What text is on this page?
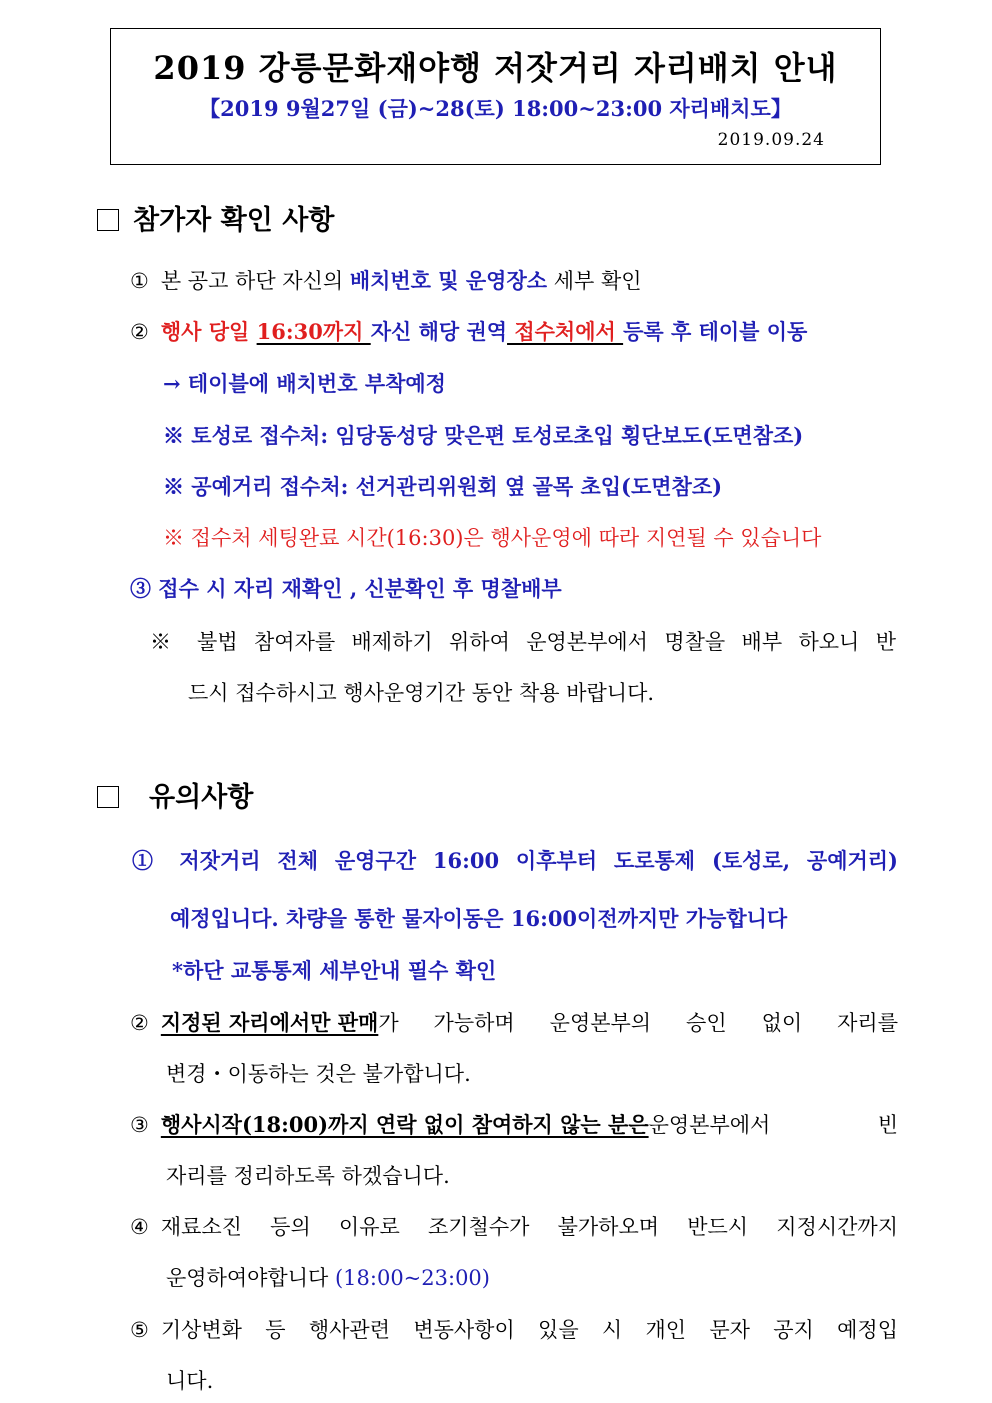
2019 강릉문화재야행 저잣거리 자리배치 안내
【2019 9월27일 (금)~28(토) 18:00~23:00 자리배치도】
2019.09.24
참가자 확인 사항
① 본 공고 하단 자신의 배치번호 및 운영장소 세부 확인
② 행사 당일 16:30까지 자신 해당 권역 접수처에서 등록 후 테이블 이동
→ 테이블에 배치번호 부착예정
※ 토성로 접수처: 임당동성당 맞은편 토성로초입 횡단보도(도면참조)
※ 공예거리 접수처: 선거관리위원회 옆 골목 초입(도면참조)
※ 접수처 세팅완료 시간(16:30)은 행사운영에 따라 지연될 수 있습니다
③ 접수 시 자리 재확인 , 신분확인 후 명찰배부
※ 불법 참여자를 배제하기 위하여 운영본부에서 명찰을 배부 하오니 반
드시 접수하시고 행사운영기간 동안 착용 바랍니다.
유의사항
① 저잣거리 전체 운영구간 16:00 이후부터 도로통제 (토성로, 공예거리)
예정입니다. 차량을 통한 물자이동은 16:00이전까지만 가능합니다
*하단 교통통제 세부안내 필수 확인
② 지정된 자리에서만 판매 가 가능하며 운영본부의 승인 없이 자리를
변경・이동하는 것은 불가합니다.
③ 행사시작(18:00)까지 연락 없이 참여하지 않는 분은 운영본부에서 빈
자리를 정리하도록 하겠습니다.
④ 재료소진 등의 이유로 조기철수가 불가하오며 반드시 지정시간까지
운영하여야합니다 (18:00~23:00)
⑤ 기상변화 등 행사관련 변동사항이 있을 시 개인 문자 공지 예정입
니다.
